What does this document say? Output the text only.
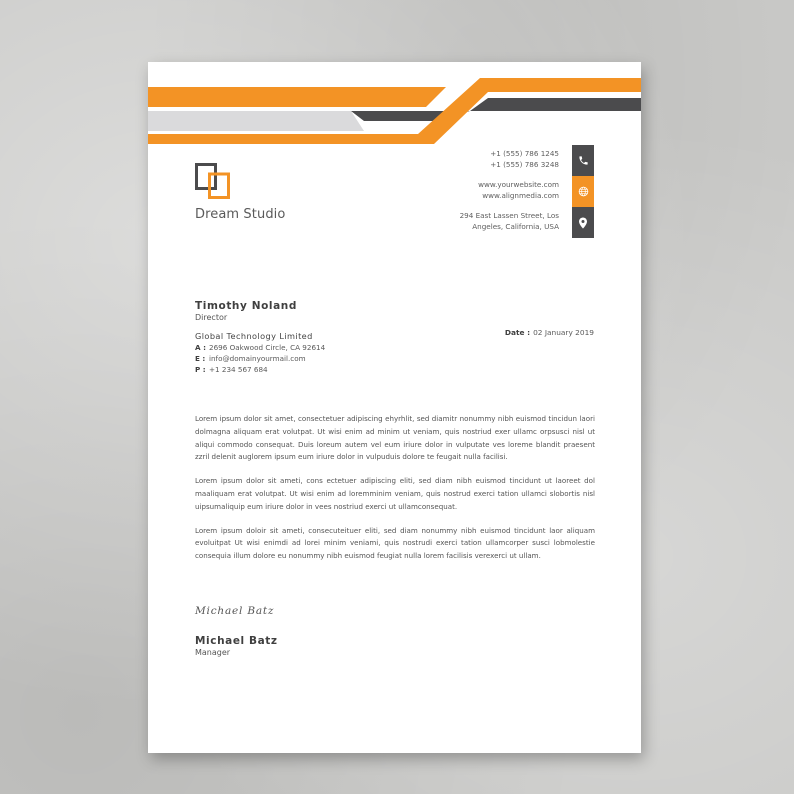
Dream Studio
+1 (555) 786 1245
+1 (555) 786 3248
www.yourwebsite.com
www.alignmedia.com
294 East Lassen Street, Los
Angeles, California, USA
Timothy Noland
Director
Global Technology Limited
A : 2696 Oakwood Circle, CA 92614
E : info@domainyourmail.com
P : +1 234 567 684
Date : 02 January 2019

Lorem ipsum dolor sit amet, consectetuer adipiscing ehyrhlit, sed diamitr nonummy nibh euismod tincidun laori dolmagna aliquam erat volutpat. Ut wisi enim ad minim ut veniam, quis nostriud exer ullamc orpsusci nisl ut aliqui commodo consequat. Duis loreum autem vel eum iriure dolor in vulputate ves loreme blandit praesent zzril delenit auglorem ipsum eum iriure dolor in vulpuduis dolore te feugait nulla facilisi.

Lorem ipsum dolor sit ameti, cons ectetuer adipiscing eliti, sed diam nibh euismod tincidunt ut laoreet dol maaliquam erat volutpat. Ut wisi enim ad loremminim veniam, quis nostrud exerci tation ullamci slobortis nisl uipsumaliquip eum iriure dolor in vees nostriud exerci ut ullamconsequat.

Lorem ipsum doloir sit ameti, consecuteituer eliti, sed diam nonummy nibh euismod tincidunt laor aliquam evoluitpat Ut wisi enimdi ad lorei minim veniami, quis nostrudi exerci tation ullamcorper susci lobmolestie consequia illum dolore eu nonummy nibh euismod feugiat nulla lorem facilisis verexerci ut ullam.

Michael Batz
Michael Batz
Manager
